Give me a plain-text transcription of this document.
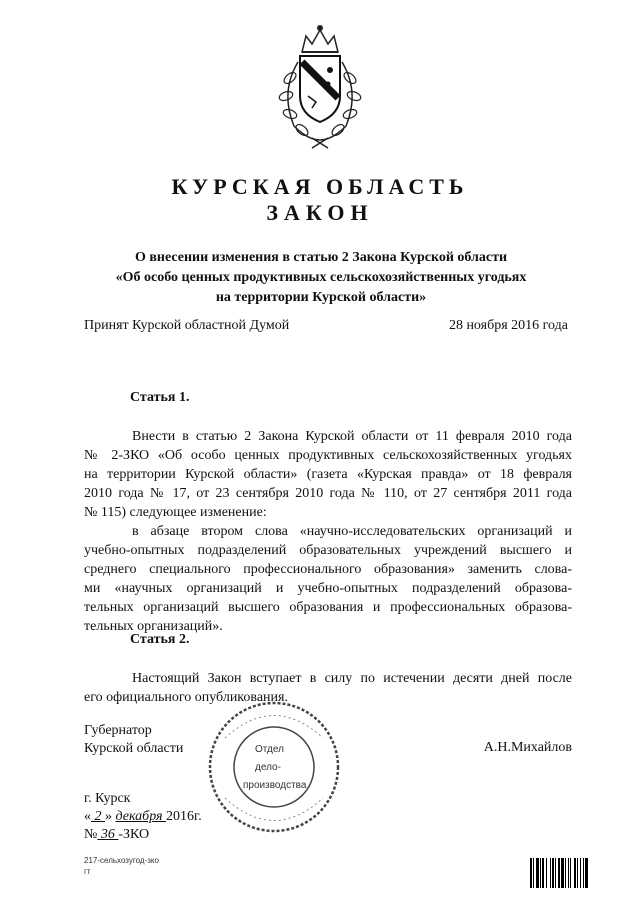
КУРСКАЯ ОБЛАСТЬ
ЗАКОН
О внесении изменения в статью 2 Закона Курской области
«Об особо ценных продуктивных сельскохозяйственных угодьях
на территории Курской области»
Принят Курской областной Думой	28 ноября 2016 года
Статья 1.
Внести в статью 2 Закона Курской области от 11 февраля 2010 года
№ 2-ЗКО «Об особо ценных продуктивных сельскохозяйственных угодьях
на территории Курской области» (газета «Курская правда» от 18 февраля
2010 года № 17, от 23 сентября 2010 года № 110, от 27 сентября 2011 года
№ 115) следующее изменение:
в абзаце втором слова «научно-исследовательских организаций и
учебно-опытных подразделений образовательных учреждений высшего и
среднего специального профессионального образования» заменить слова-
ми «научных организаций и учебно-опытных подразделений образова-
тельных организаций высшего образования и профессиональных образова-
тельных организаций».
Статья 2.
Настоящий Закон вступает в силу по истечении десяти дней после
его официального опубликования.
Губернатор
Курской области	А.Н.Михайлов
Отдел
дело-
производства
г. Курск
« 2 » декабря 2016г.
№ 36 -ЗКО
217-сельхозугод-зко
гт
